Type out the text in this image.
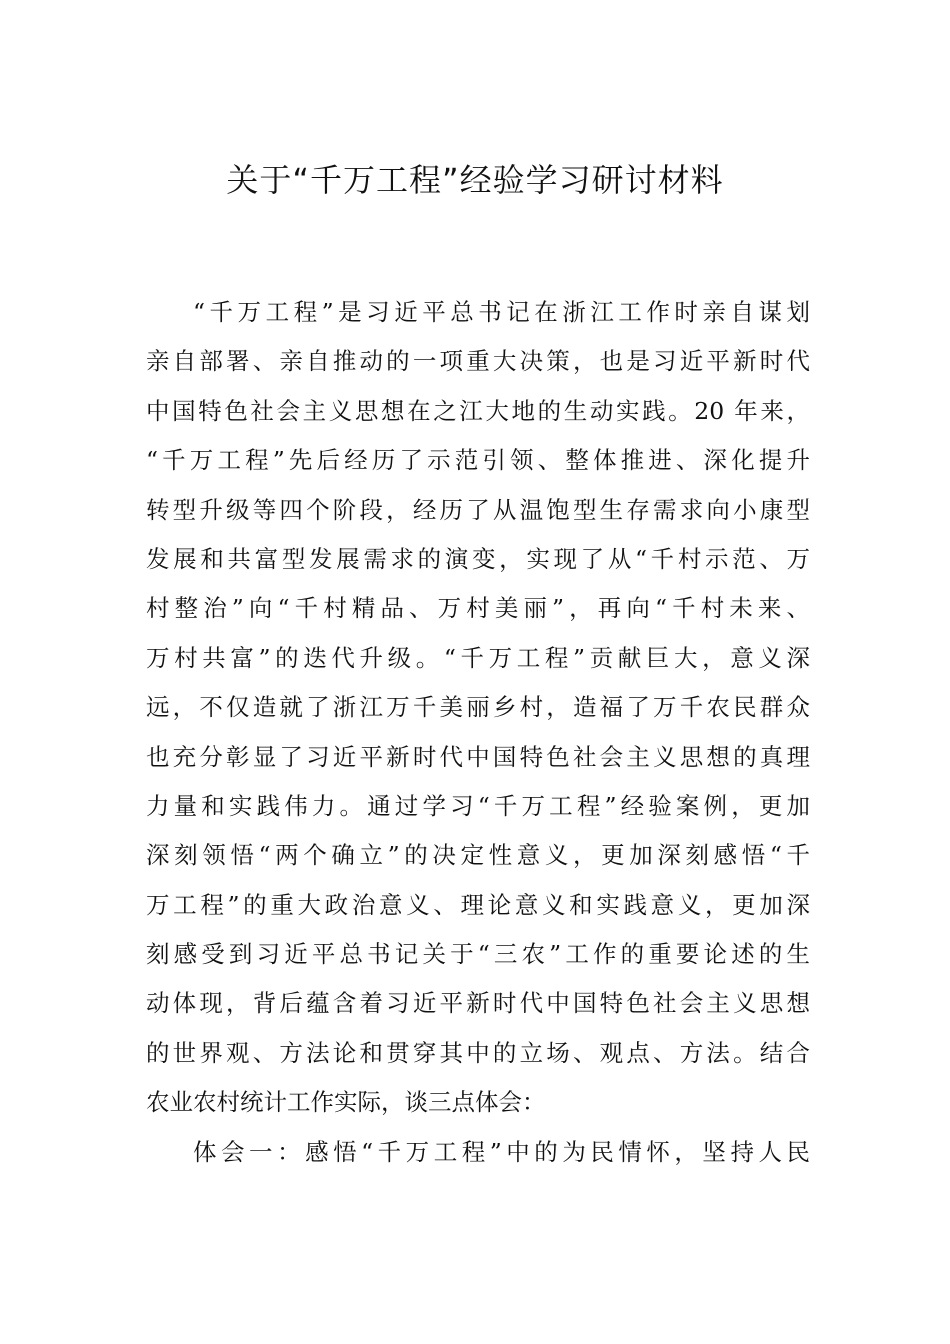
关于“千万工程”经验学习研讨材料
“千万工程”是习近平总书记在浙江工作时亲自谋划
亲自部署、亲自推动的一项重大决策，也是习近平新时代
中国特色社会主义思想在之江大地的生动实践。20 年来，
“千万工程”先后经历了示范引领、整体推进、深化提升
转型升级等四个阶段，经历了从温饱型生存需求向小康型
发展和共富型发展需求的演变，实现了从“千村示范、万
村整治”向“千村精品、万村美丽”，再向“千村未来、
万村共富”的迭代升级。“千万工程”贡献巨大，意义深
远，不仅造就了浙江万千美丽乡村，造福了万千农民群众
也充分彰显了习近平新时代中国特色社会主义思想的真理
力量和实践伟力。通过学习“千万工程”经验案例，更加
深刻领悟“两个确立”的决定性意义，更加深刻感悟“千
万工程”的重大政治意义、理论意义和实践意义，更加深
刻感受到习近平总书记关于“三农”工作的重要论述的生
动体现，背后蕴含着习近平新时代中国特色社会主义思想
的世界观、方法论和贯穿其中的立场、观点、方法。结合
农业农村统计工作实际，谈三点体会：
体会一：感悟“千万工程”中的为民情怀，坚持人民
